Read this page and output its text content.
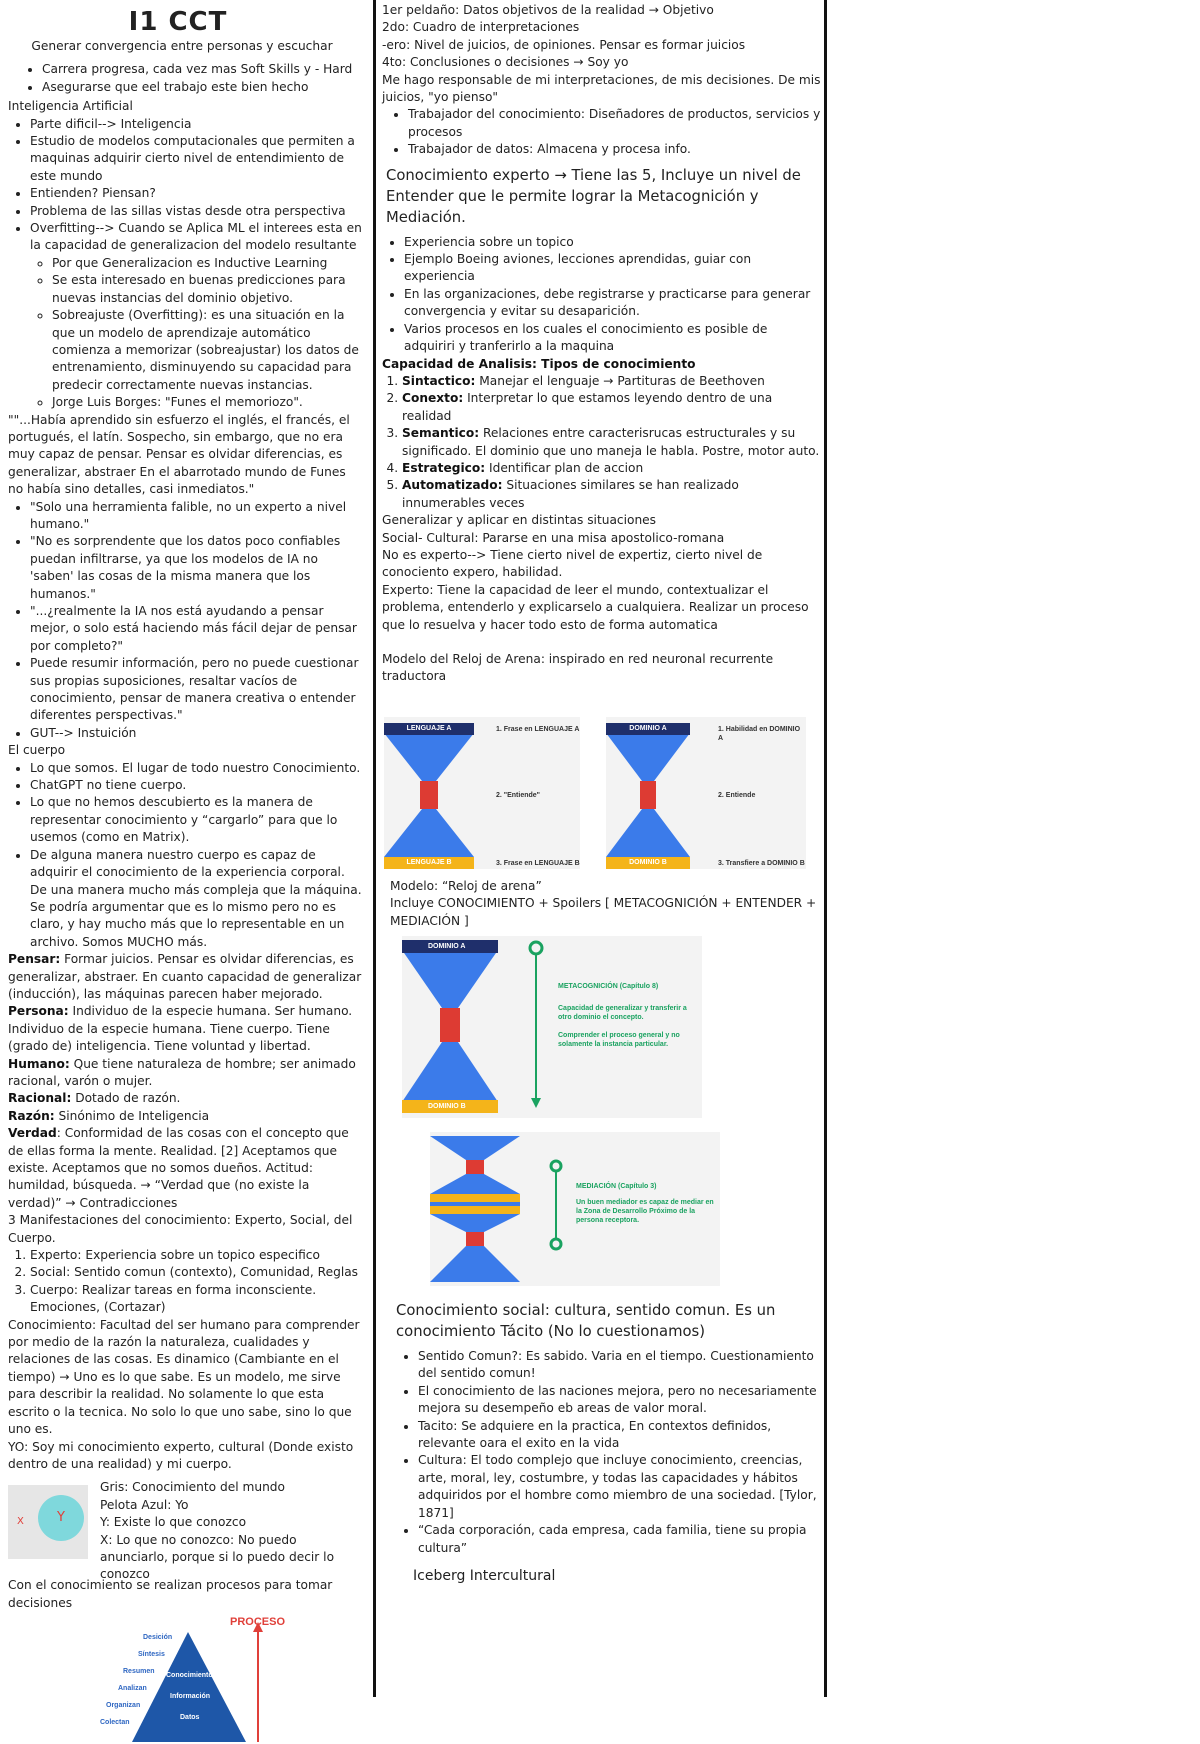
I1 CCT

Generar convergencia entre personas y escuchar

• Carrera progresa, cada vez mas Soft Skills y - Hard
• Asegurarse que eel trabajo este bien hecho

Inteligencia Artificial

• Parte dificil--> Inteligencia
• Estudio de modelos computacionales que permiten a maquinas adquirir cierto nivel de entendimiento de este mundo
• Entienden? Piensan?
• Problema de las sillas vistas desde otra perspectiva
• Overfitting--> Cuando se Aplica ML el interees esta en la capacidad de generalizacion del modelo resultante
◦ Por que Generalizacion es Inductive Learning
◦ Se esta interesado en buenas predicciones para nuevas instancias del dominio objetivo.
◦ Sobreajuste (Overfitting): es una situación en la que un modelo de aprendizaje automático comienza a memorizar (sobreajustar) los datos de entrenamiento, disminuyendo su capacidad para predecir correctamente nuevas instancias.
◦ Jorge Luis Borges: "Funes el memoriozo".

""...Había aprendido sin esfuerzo el inglés, el francés, el portugués, el latín. Sospecho, sin embargo, que no era muy capaz de pensar. Pensar es olvidar diferencias, es generalizar, abstraer En el abarrotado mundo de Funes no había sino detalles, casi inmediatos."

• "Solo una herramienta falible, no un experto a nivel humano."
• "No es sorprendente que los datos poco confiables puedan infiltrarse, ya que los modelos de IA no 'saben' las cosas de la misma manera que los humanos."
• "...¿realmente la IA nos está ayudando a pensar mejor, o solo está haciendo más fácil dejar de pensar por completo?"
• Puede resumir información, pero no puede cuestionar sus propias suposiciones, resaltar vacíos de conocimiento, pensar de manera creativa o entender diferentes perspectivas."
• GUT--> Instuición

El cuerpo

• Lo que somos. El lugar de todo nuestro Conocimiento.
• ChatGPT no tiene cuerpo.
• Lo que no hemos descubierto es la manera de representar conocimiento y “cargarlo” para que lo usemos (como en Matrix).
• De alguna manera nuestro cuerpo es capaz de adquirir el conocimiento de la experiencia corporal. De una manera mucho más compleja que la máquina. Se podría argumentar que es lo mismo pero no es claro, y hay mucho más que lo representable en un archivo. Somos MUCHO más.

Pensar: Formar juicios. Pensar es olvidar diferencias, es generalizar, abstraer. En cuanto capacidad de generalizar (inducción), las máquinas parecen haber mejorado.

Persona: Individuo de la especie humana. Ser humano. Individuo de la especie humana. Tiene cuerpo. Tiene (grado de) inteligencia. Tiene voluntad y libertad.

Humano: Que tiene naturaleza de hombre; ser animado racional, varón o mujer.

Racional: Dotado de razón.

Razón: Sinónimo de Inteligencia

Verdad: Conformidad de las cosas con el concepto que de ellas forma la mente. Realidad. [2] Aceptamos que existe. Aceptamos que no somos dueños. Actitud: humildad, búsqueda. → “Verdad que (no existe la verdad)” → Contradicciones

3 Manifestaciones del conocimiento: Experto, Social, del Cuerpo.

1. Experto: Experiencia sobre un topico especifico
2. Social: Sentido comun (contexto), Comunidad, Reglas
3. Cuerpo: Realizar tareas en forma inconsciente. Emociones, (Cortazar)

Conocimiento: Facultad del ser humano para comprender por medio de la razón la naturaleza, cualidades y relaciones de las cosas. Es dinamico (Cambiante en el tiempo) → Uno es lo que sabe. Es un modelo, me sirve para describir la realidad. No solamente lo que esta escrito o la tecnica. No solo lo que uno sabe, sino lo que uno es.

YO: Soy mi conocimiento experto, cultural (Donde existo dentro de una realidad) y mi cuerpo.

X	Y

Gris: Conocimiento del mundo

Pelota Azul: Yo

Y: Existe lo que conozco

X: Lo que no conozco: No puedo anunciarlo, porque si lo puedo decir lo conozco

Con el conocimiento se realizan procesos para tomar decisiones

PROCESO
Desición
Síntesis
Resumen
Analizan
Organizan
Colectan
Conocimiento
Información
Datos

1er peldaño: Datos objetivos de la realidad → Objetivo

2do: Cuadro de interpretaciones

-ero: Nivel de juicios, de opiniones. Pensar es formar juicios

4to: Conclusiones o decisiones → Soy yo

Me hago responsable de mi interpretaciones, de mis decisiones. De mis juicios, "yo pienso"

• Trabajador del conocimiento: Diseñadores de productos, servicios y procesos
• Trabajador de datos: Almacena y procesa info.

Conocimiento experto → Tiene las 5, Incluye un nivel de Entender que le permite lograr la Metacognición y Mediación.

• Experiencia sobre un topico
• Ejemplo Boeing aviones, lecciones aprendidas, guiar con experiencia
• En las organizaciones, debe registrarse y practicarse para generar convergencia y evitar su desaparición.
• Varios procesos en los cuales el conocimiento es posible de adquiriri y tranferirlo a la maquina

Capacidad de Analisis: Tipos de conocimiento

1. Sintactico: Manejar el lenguaje → Partituras de Beethoven
2. Conexto: Interpretar lo que estamos leyendo dentro de una realidad
3. Semantico: Relaciones entre caracterisrucas estructurales y su significado. El dominio que uno maneja le habla. Postre, motor auto.
4. Estrategico: Identificar plan de accion
5. Automatizado: Situaciones similares se han realizado innumerables veces

Generalizar y aplicar en distintas situaciones

Social- Cultural: Pararse en una misa apostolico-romana

No es experto--> Tiene cierto nivel de expertiz, cierto nivel de conociento expero, habilidad.

Experto: Tiene la capacidad de leer el mundo, contextualizar el problema, entenderlo y explicarselo a cualquiera. Realizar un proceso que lo resuelva y hacer todo esto de forma automatica

Modelo del Reloj de Arena: inspirado en red neuronal recurrente traductora

LENGUAJE A
LENGUAJE B
1. Frase en LENGUAJE A
2. "Entiende"
3. Frase en LENGUAJE B
DOMINIO A
DOMINIO B
1. Habilidad en DOMINIO A
2. Entiende
3. Transfiere a DOMINIO B

Modelo: “Reloj de arena”

Incluye CONOCIMIENTO + Spoilers [ METACOGNICIÓN + ENTENDER + MEDIACIÓN ]

DOMINIO A
DOMINIO B
METACOGNICIÓN (Capítulo 8)
Capacidad de generalizar y transferir a otro dominio el concepto.
Comprender el proceso general y no solamente la instancia particular.
MEDIACIÓN (Capítulo 3)
Un buen mediador es capaz de mediar en la Zona de Desarrollo Próximo de la persona receptora.

Conocimiento social: cultura, sentido comun. Es un conocimiento Tácito (No lo cuestionamos)

• Sentido Comun?: Es sabido. Varia en el tiempo. Cuestionamiento del sentido comun!
• El conocimiento de las naciones mejora, pero no necesariamente mejora su desempeño eb areas de valor moral.
• Tacito: Se adquiere en la practica, En contextos definidos, relevante oara el exito en la vida
• Cultura: El todo complejo que incluye conocimiento, creencias, arte, moral, ley, costumbre, y todas las capacidades y hábitos adquiridos por el hombre como miembro de una sociedad. [Tylor, 1871]
• “Cada corporación, cada empresa, cada familia, tiene su propia cultura”

Iceberg Intercultural
